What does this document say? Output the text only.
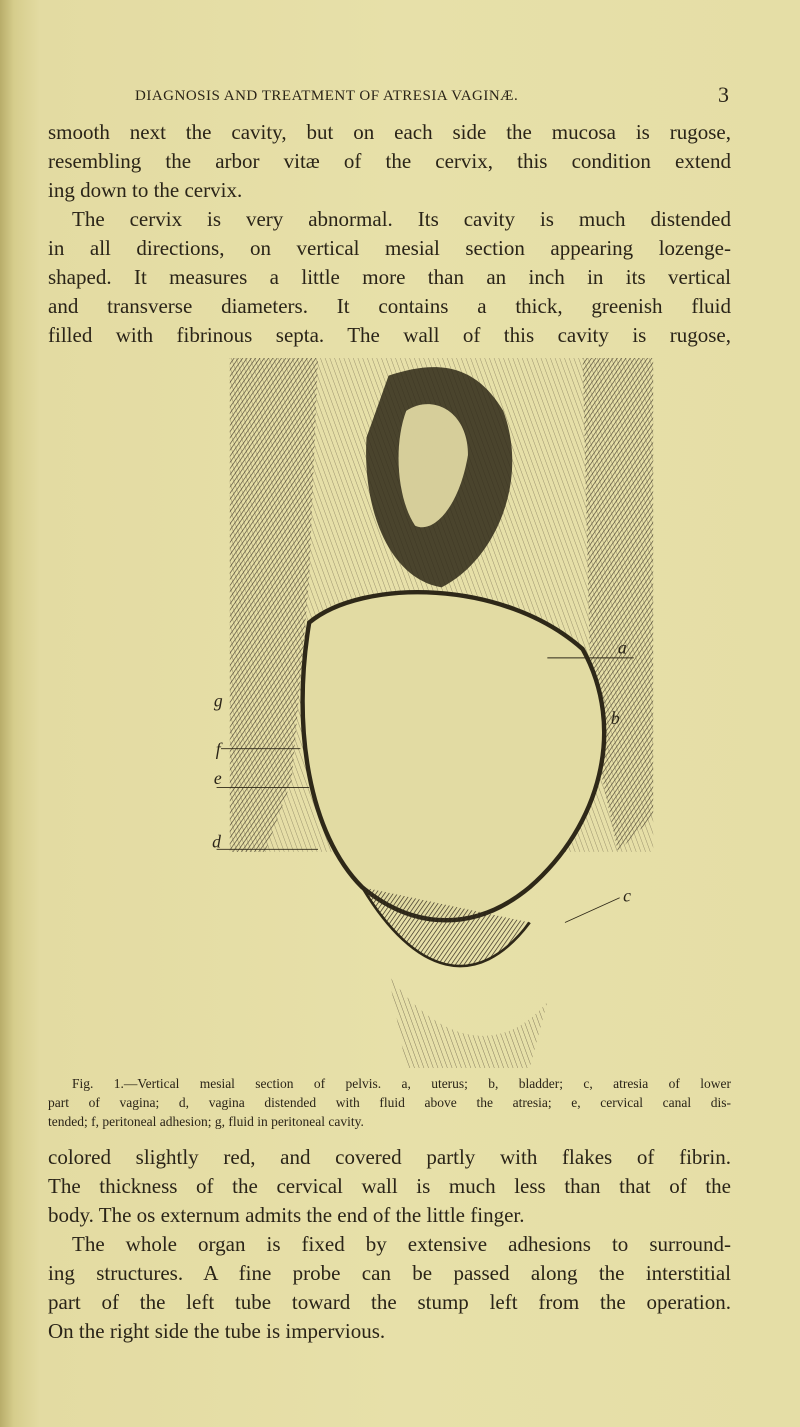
DIAGNOSIS AND TREATMENT OF ATRESIA VAGINÆ.	3
smooth next the cavity, but on each side the mucosa is rugose,
resembling the arbor vitæ of the cervix, this condition extend
ing down to the cervix.
The cervix is very abnormal. Its cavity is much distended
in all directions, on vertical mesial section appearing lozenge-
shaped. It measures a little more than an inch in its vertical
and transverse diameters. It contains a thick, greenish fluid
filled with fibrinous septa. The wall of this cavity is rugose,
a
b
c
d
e
f
g
Fig. 1.—Vertical mesial section of pelvis. a, uterus; b, bladder; c, atresia of lower
part of vagina; d, vagina distended with fluid above the atresia; e, cervical canal dis-
tended; f, peritoneal adhesion; g, fluid in peritoneal cavity.
colored slightly red, and covered partly with flakes of fibrin.
The thickness of the cervical wall is much less than that of the
body. The os externum admits the end of the little finger.
The whole organ is fixed by extensive adhesions to surround-
ing structures. A fine probe can be passed along the interstitial
part of the left tube toward the stump left from the operation.
On the right side the tube is impervious.
